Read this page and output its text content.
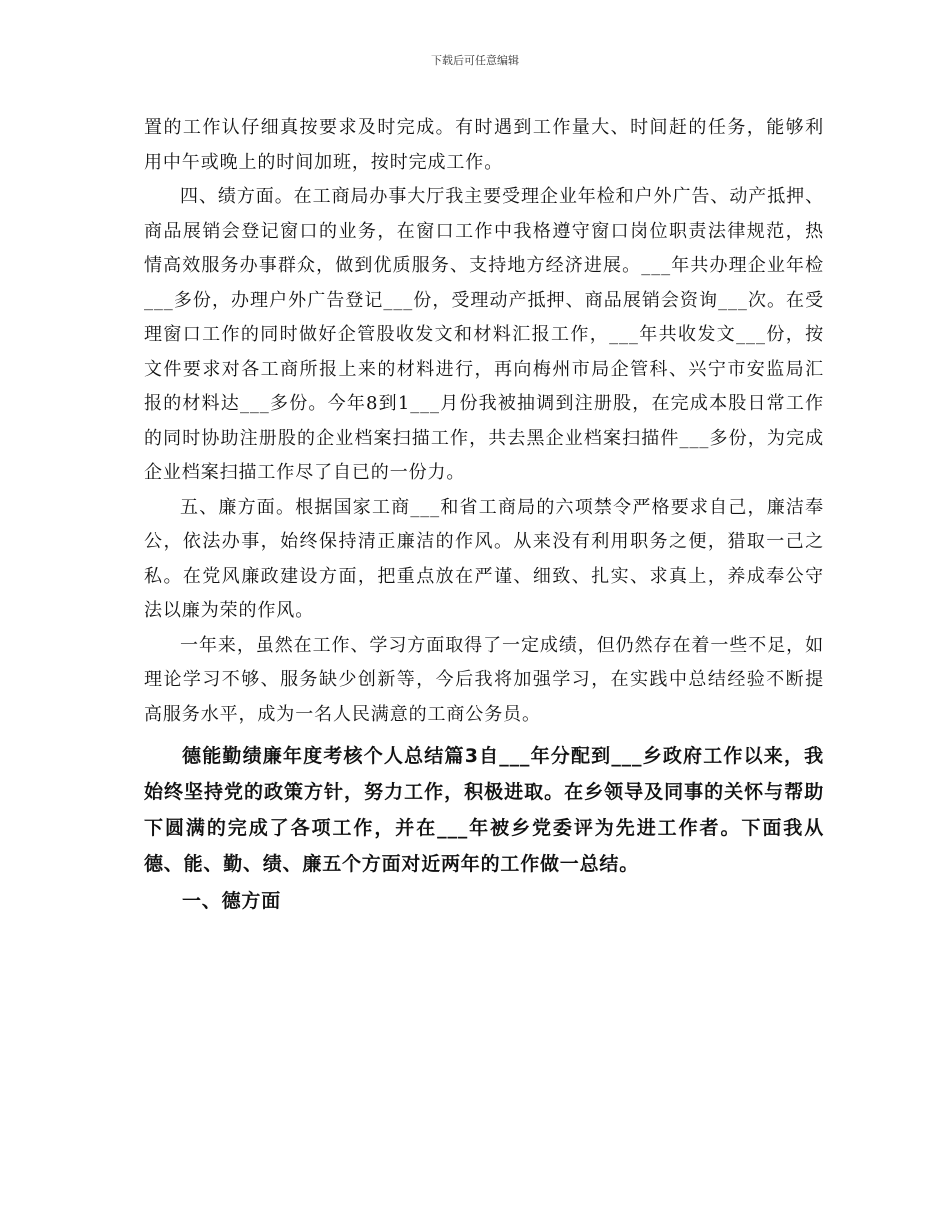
下载后可任意编辑

置的工作认仔细真按要求及时完成。有时遇到工作量大、时间赶的任务，能够利用中午或晚上的时间加班，按时完成工作。

四、绩方面。在工商局办事大厅我主要受理企业年检和户外广告、动产抵押、商品展销会登记窗口的业务，在窗口工作中我格遵守窗口岗位职责法律规范，热情高效服务办事群众，做到优质服务、支持地方经济进展。___年共办理企业年检___多份，办理户外广告登记___份，受理动产抵押、商品展销会资询___次。在受理窗口工作的同时做好企管股收发文和材料汇报工作，___年共收发文___份，按文件要求对各工商所报上来的材料进行，再向梅州市局企管科、兴宁市安监局汇报的材料达___多份。今年8到1___月份我被抽调到注册股，在完成本股日常工作的同时协助注册股的企业档案扫描工作，共去黑企业档案扫描件___多份，为完成企业档案扫描工作尽了自已的一份力。

五、廉方面。根据国家工商___和省工商局的六项禁令严格要求自己，廉洁奉公，依法办事，始终保持清正廉洁的作风。从来没有利用职务之便，猎取一己之私。在党风廉政建设方面，把重点放在严谨、细致、扎实、求真上，养成奉公守法以廉为荣的作风。

一年来，虽然在工作、学习方面取得了一定成绩，但仍然存在着一些不足，如理论学习不够、服务缺少创新等，今后我将加强学习，在实践中总结经验不断提高服务水平，成为一名人民满意的工商公务员。

德能勤绩廉年度考核个人总结篇3自___年分配到___乡政府工作以来，我始终坚持党的政策方针，努力工作，积极进取。在乡领导及同事的关怀与帮助下圆满的完成了各项工作，并在___年被乡党委评为先进工作者。下面我从德、能、勤、绩、廉五个方面对近两年的工作做一总结。

一、德方面
